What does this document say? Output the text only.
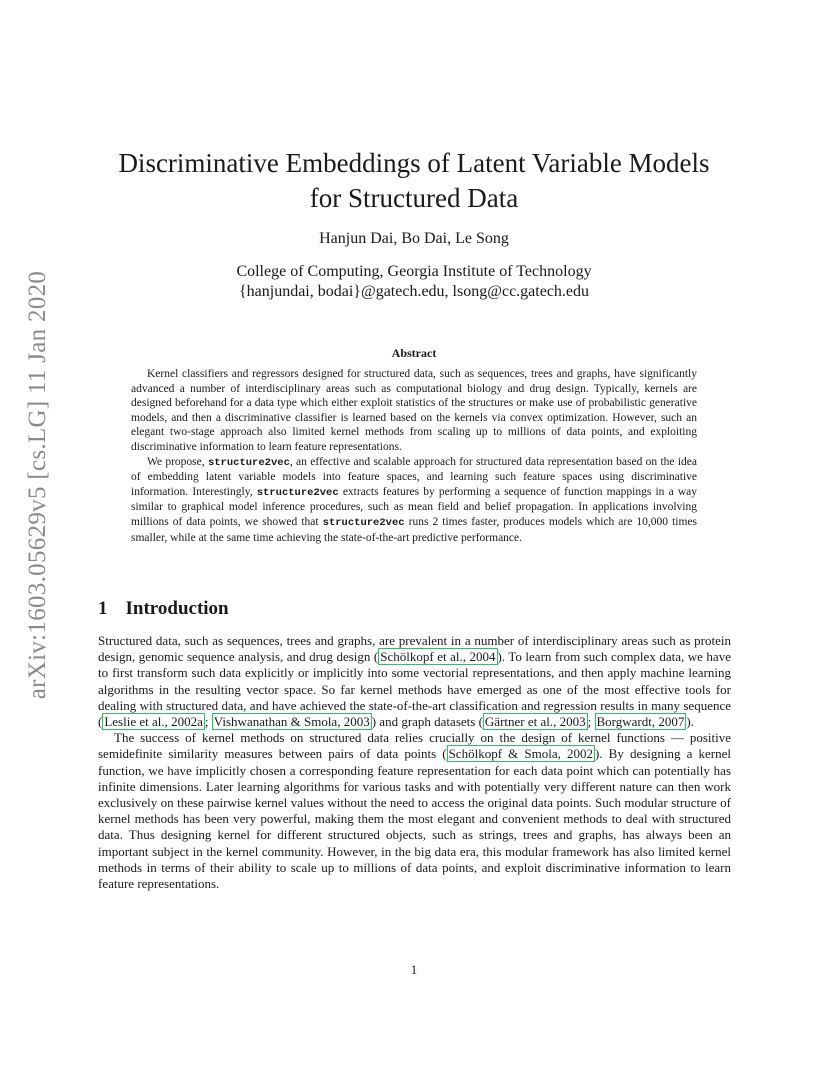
arXiv:1603.05629v5 [cs.LG] 11 Jan 2020
Discriminative Embeddings of Latent Variable Models
for Structured Data
Hanjun Dai, Bo Dai, Le Song
College of Computing, Georgia Institute of Technology
{hanjundai, bodai}@gatech.edu, lsong@cc.gatech.edu
Abstract

Kernel classifiers and regressors designed for structured data, such as sequences, trees and graphs, have significantly advanced a number of interdisciplinary areas such as computational biology and drug design. Typically, kernels are designed beforehand for a data type which either exploit statistics of the structures or make use of probabilistic generative models, and then a discriminative classifier is learned based on the kernels via convex optimization. However, such an elegant two-stage approach also limited kernel methods from scaling up to millions of data points, and exploiting discriminative information to learn feature representations.

We propose, structure2vec, an effective and scalable approach for structured data representation based on the idea of embedding latent variable models into feature spaces, and learning such feature spaces using discriminative information. Interestingly, structure2vec extracts features by performing a sequence of function mappings in a way similar to graphical model inference procedures, such as mean field and belief propagation. In applications involving millions of data points, we showed that structure2vec runs 2 times faster, produces models which are 10,000 times smaller, while at the same time achieving the state-of-the-art predictive performance.

1 Introduction

Structured data, such as sequences, trees and graphs, are prevalent in a number of interdisciplinary areas such as protein design, genomic sequence analysis, and drug design ( Schölkopf et al., 2004 ). To learn from such complex data, we have to first transform such data explicitly or implicitly into some vectorial representations, and then apply machine learning algorithms in the resulting vector space. So far kernel methods have emerged as one of the most effective tools for dealing with structured data, and have achieved the state-of-the-art classification and regression results in many sequence ( Leslie et al., 2002a ; Vishwanathan & Smola, 2003 ) and graph datasets ( Gärtner et al., 2003 ; Borgwardt, 2007 ).

The success of kernel methods on structured data relies crucially on the design of kernel functions — positive semidefinite similarity measures between pairs of data points ( Schölkopf & Smola, 2002 ). By designing a kernel function, we have implicitly chosen a corresponding feature representation for each data point which can potentially has infinite dimensions. Later learning algorithms for various tasks and with potentially very different nature can then work exclusively on these pairwise kernel values without the need to access the original data points. Such modular structure of kernel methods has been very powerful, making them the most elegant and convenient methods to deal with structured data. Thus designing kernel for different structured objects, such as strings, trees and graphs, has always been an important subject in the kernel community. However, in the big data era, this modular framework has also limited kernel methods in terms of their ability to scale up to millions of data points, and exploit discriminative information to learn feature representations.

1
